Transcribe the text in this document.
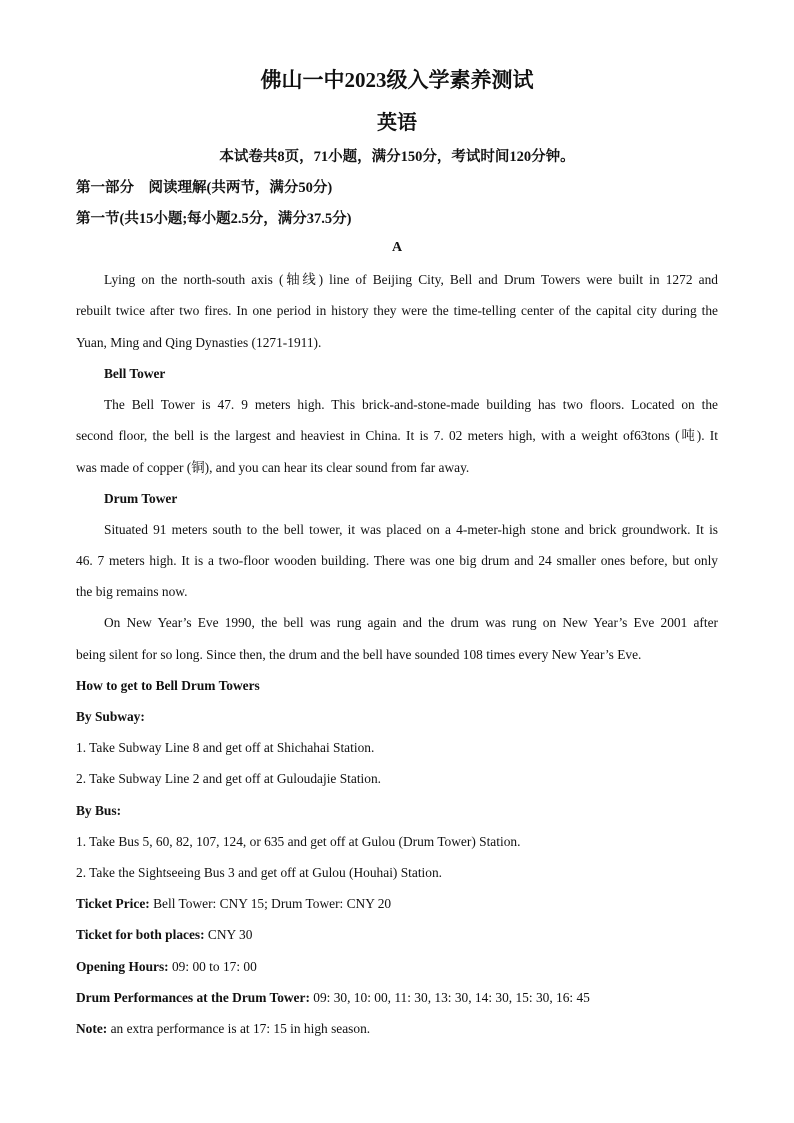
佛山一中2023级入学素养测试
英语
本试卷共8页，71小题，满分150分，考试时间120分钟。
第一部分　阅读理解(共两节，满分50分)
第一节(共15小题;每小题2.5分，满分37.5分)
A
Lying on the north-south axis (轴线) line of Beijing City, Bell and Drum Towers were built in 1272 and
rebuilt twice after two fires. In one period in history they were the time-telling center of the capital city during the
Yuan, Ming and Qing Dynasties (1271-1911).
Bell Tower
The Bell Tower is 47. 9 meters high. This brick-and-stone-made building has two floors. Located on the
second floor, the bell is the largest and heaviest in China. It is 7. 02 meters high, with a weight of63tons (吨). It
was made of copper (铜), and you can hear its clear sound from far away.
Drum Tower
Situated 91 meters south to the bell tower, it was placed on a 4-meter-high stone and brick groundwork. It is
46. 7 meters high. It is a two-floor wooden building. There was one big drum and 24 smaller ones before, but only
the big remains now.
On New Year’s Eve 1990, the bell was rung again and the drum was rung on New Year’s Eve 2001 after
being silent for so long. Since then, the drum and the bell have sounded 108 times every New Year’s Eve.
How to get to Bell Drum Towers
By Subway:
1. Take Subway Line 8 and get off at Shichahai Station.
2. Take Subway Line 2 and get off at Guloudajie Station.
By Bus:
1. Take Bus 5, 60, 82, 107, 124, or 635 and get off at Gulou (Drum Tower) Station.
2. Take the Sightseeing Bus 3 and get off at Gulou (Houhai) Station.
Ticket Price: Bell Tower: CNY 15; Drum Tower: CNY 20
Ticket for both places: CNY 30
Opening Hours: 09: 00 to 17: 00
Drum Performances at the Drum Tower: 09: 30, 10: 00, 11: 30, 13: 30, 14: 30, 15: 30, 16: 45
Note: an extra performance is at 17: 15 in high season.
